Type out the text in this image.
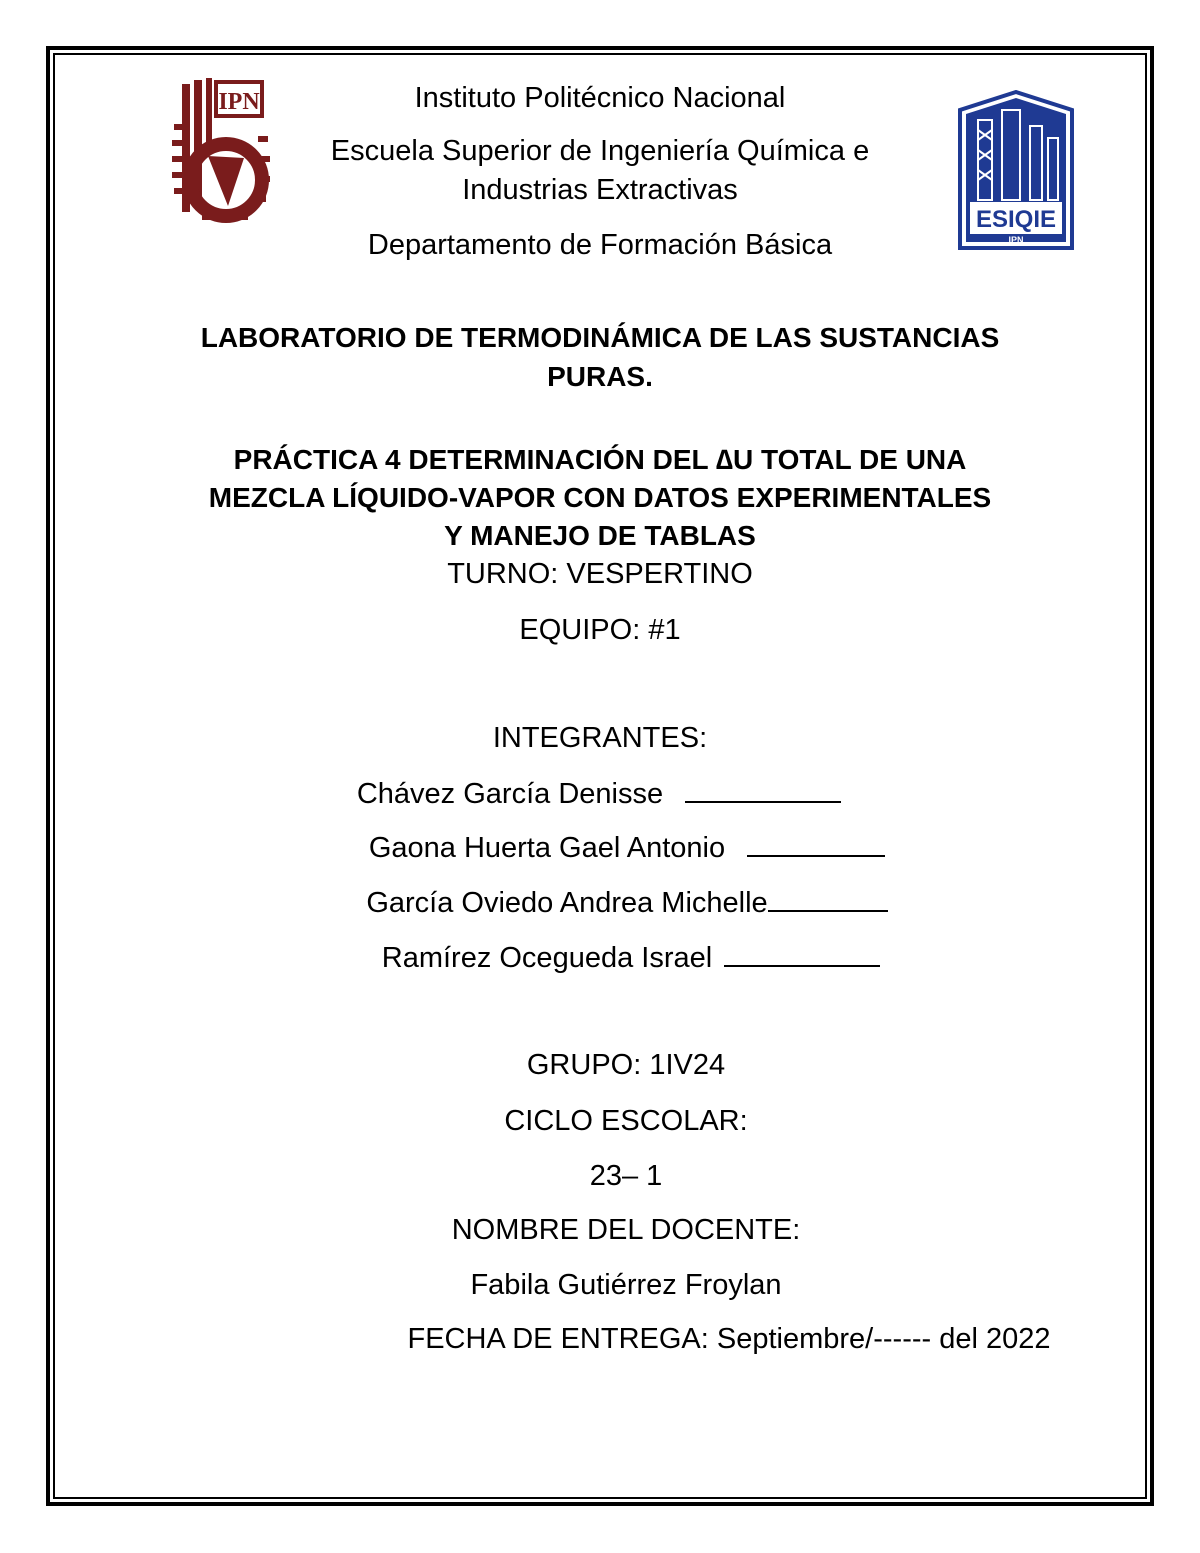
IPN
ESIQIE
IPN
Instituto Politécnico Nacional
Escuela Superior de Ingeniería Química e
Industrias Extractivas
Departamento de Formación Básica
LABORATORIO DE TERMODINÁMICA DE LAS SUSTANCIAS
PURAS.
PRÁCTICA 4 DETERMINACIÓN DEL ∆U TOTAL DE UNA
MEZCLA LÍQUIDO-VAPOR CON DATOS EXPERIMENTALES
Y MANEJO DE TABLAS
TURNO: VESPERTINO
EQUIPO: #1
INTEGRANTES:
Chávez García Denisse
Gaona Huerta Gael Antonio
García Oviedo Andrea Michelle
Ramírez Ocegueda Israel
GRUPO: 1IV24
CICLO ESCOLAR:
23– 1
NOMBRE DEL DOCENTE:
Fabila Gutiérrez Froylan
FECHA DE ENTREGA: Septiembre/------ del 2022
